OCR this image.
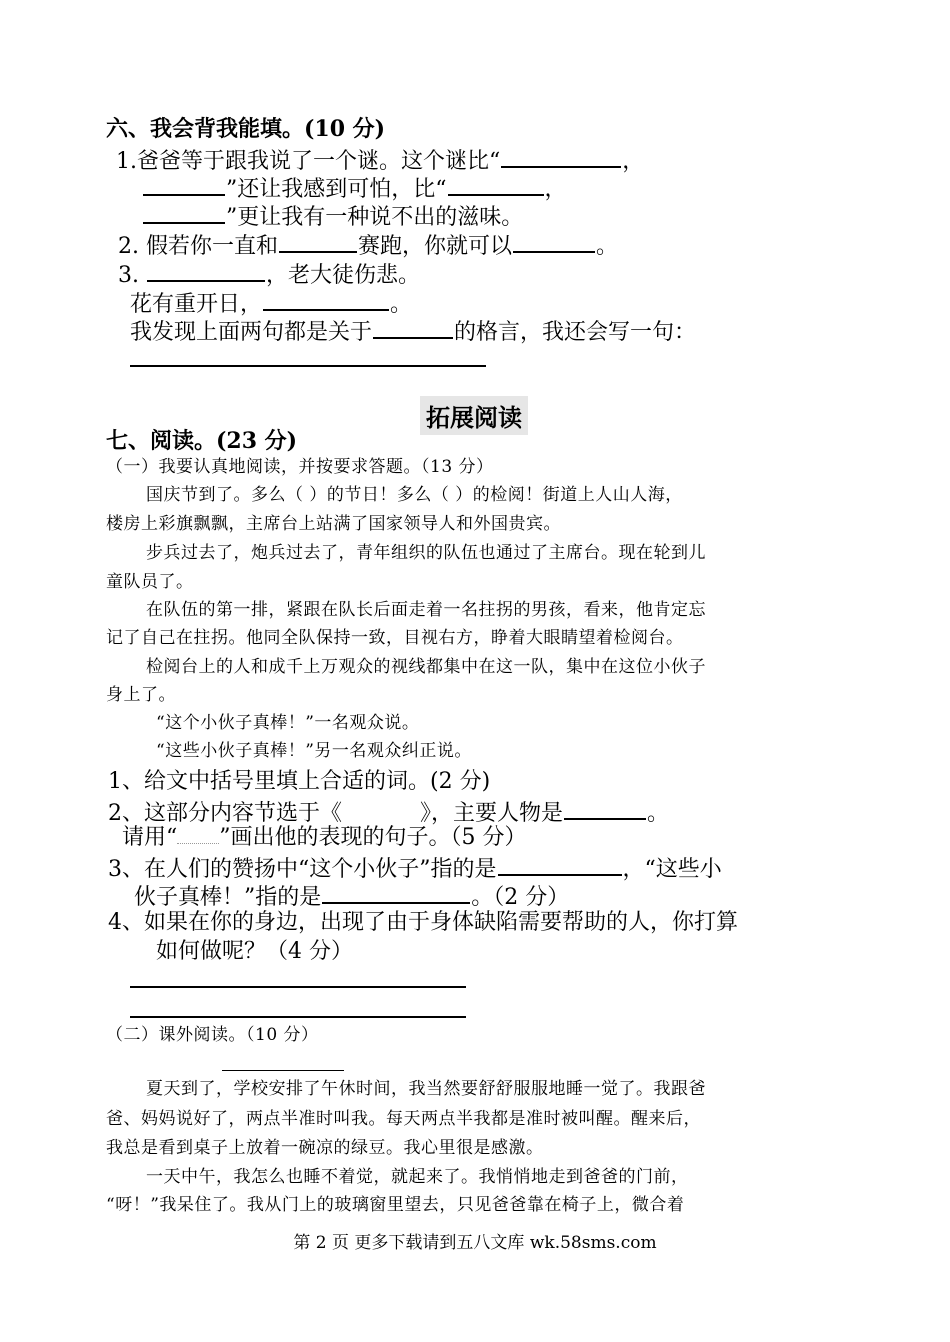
六、我会背我能填。(10 分)
1.爸爸等于跟我说了一个谜。这个谜比“	，
”还让我感到可怕，比“	，
”更让我有一种说不出的滋味。
2. 假若你一直和	赛跑，你就可以	。
3.	，老大徒伤悲。
花有重开日，	。
我发现上面两句都是关于	的格言，我还会写一句：
拓展阅读
七、阅读。(23 分)
（一）我要认真地阅读，并按要求答题。（13 分）
国庆节到了。多么（ ）的节日！多么（ ）的检阅！街道上人山人海，
楼房上彩旗飘飘，主席台上站满了国家领导人和外国贵宾。
步兵过去了，炮兵过去了，青年组织的队伍也通过了主席台。现在轮到儿
童队员了。
在队伍的第一排，紧跟在队长后面走着一名拄拐的男孩，看来，他肯定忘
记了自己在拄拐。他同全队保持一致，目视右方，睁着大眼睛望着检阅台。
检阅台上的人和成千上万观众的视线都集中在这一队，集中在这位小伙子
身上了。
“这个小伙子真棒！”一名观众说。
“这些小伙子真棒！”另一名观众纠正说。
1、给文中括号里填上合适的词。(2 分)
2、这部分内容节选于《	》，主要人物是	。
请用“ ”画出他的表现的句子。（5 分）
3、在人们的赞扬中“这个小伙子”指的是	，“这些小
伙子真棒！”指的是	。（2 分）
4、如果在你的身边，出现了由于身体缺陷需要帮助的人，你打算
如何做呢？（4 分）
（二）课外阅读。（10 分）
夏天到了，学校安排了午休时间，我当然要舒舒服服地睡一觉了。我跟爸
爸、妈妈说好了，两点半准时叫我。每天两点半我都是准时被叫醒。醒来后，
我总是看到桌子上放着一碗凉的绿豆。我心里很是感激。
一天中午，我怎么也睡不着觉，就起来了。我悄悄地走到爸爸的门前，
“呀！”我呆住了。我从门上的玻璃窗里望去，只见爸爸靠在椅子上，微合着
第 2 页 更多下载请到五八文库 wk.58sms.com
